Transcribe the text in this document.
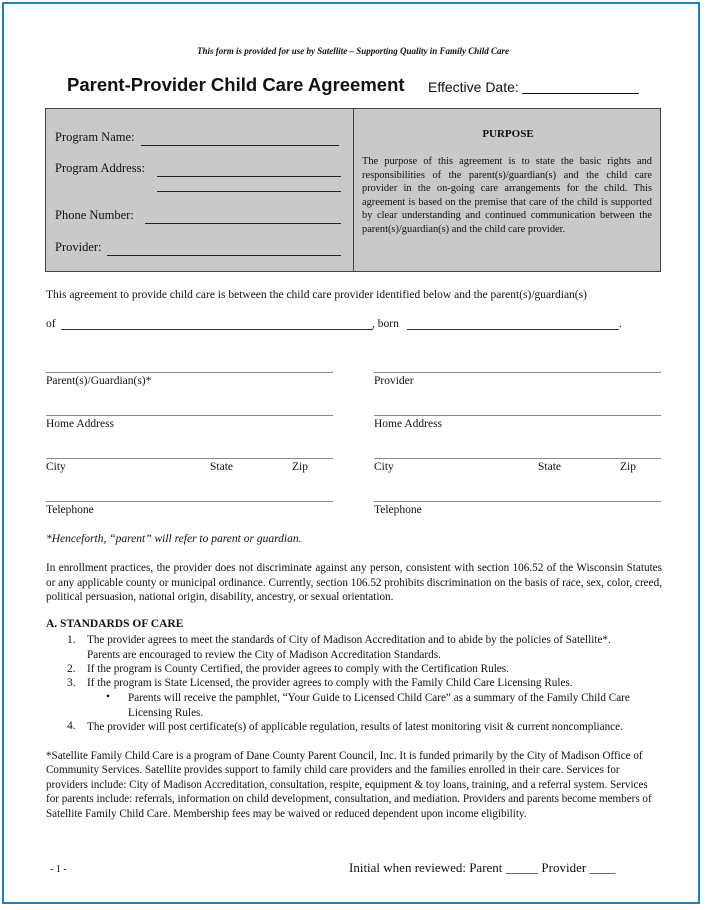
This form is provided for use by Satellite – Supporting Quality in Family Child Care
Parent-Provider Child Care Agreement Effective Date:
Program Name:
Program Address:
Phone Number:
Provider:
PURPOSE
The purpose of this agreement is to state the basic rights and responsibilities of the parent(s)/guardian(s) and the child care provider in the on-going care arrangements for the child. This agreement is based on the premise that care of the child is supported by clear understanding and continued communication between the parent(s)/guardian(s) and the child care provider.
This agreement to provide child care is between the child care provider identified below and the parent(s)/guardian(s)
of	, born	.
Parent(s)/Guardian(s)*
Home Address
City	State	Zip
Telephone
Provider
Home Address
City	State	Zip
Telephone
*Henceforth, “parent” will refer to parent or guardian.
In enrollment practices, the provider does not discriminate against any person, consistent with section 106.52 of the Wisconsin Statutes or any applicable county or municipal ordinance. Currently, section 106.52 prohibits discrimination on the basis of race, sex, color, creed, political persuasion, national origin, disability, ancestry, or sexual orientation.
A. STANDARDS OF CARE
1. The provider agrees to meet the standards of City of Madison Accreditation and to abide by the policies of Satellite*. Parents are encouraged to review the City of Madison Accreditation Standards.
2. If the program is County Certified, the provider agrees to comply with the Certification Rules.
3. If the program is State Licensed, the provider agrees to comply with the Family Child Care Licensing Rules.
• Parents will receive the pamphlet, “Your Guide to Licensed Child Care” as a summary of the Family Child Care Licensing Rules.
4. The provider will post certificate(s) of applicable regulation, results of latest monitoring visit & current noncompliance.
*Satellite Family Child Care is a program of Dane County Parent Council, Inc. It is funded primarily by the City of Madison Office of Community Services. Satellite provides support to family child care providers and the families enrolled in their care. Services for providers include: City of Madison Accreditation, consultation, respite, equipment & toy loans, training, and a referral system. Services for parents include: referrals, information on child development, consultation, and mediation. Providers and parents become members of Satellite Family Child Care. Membership fees may be waived or reduced dependent upon income eligibility.
- 1 -	Initial when reviewed: Parent _____ Provider ____
